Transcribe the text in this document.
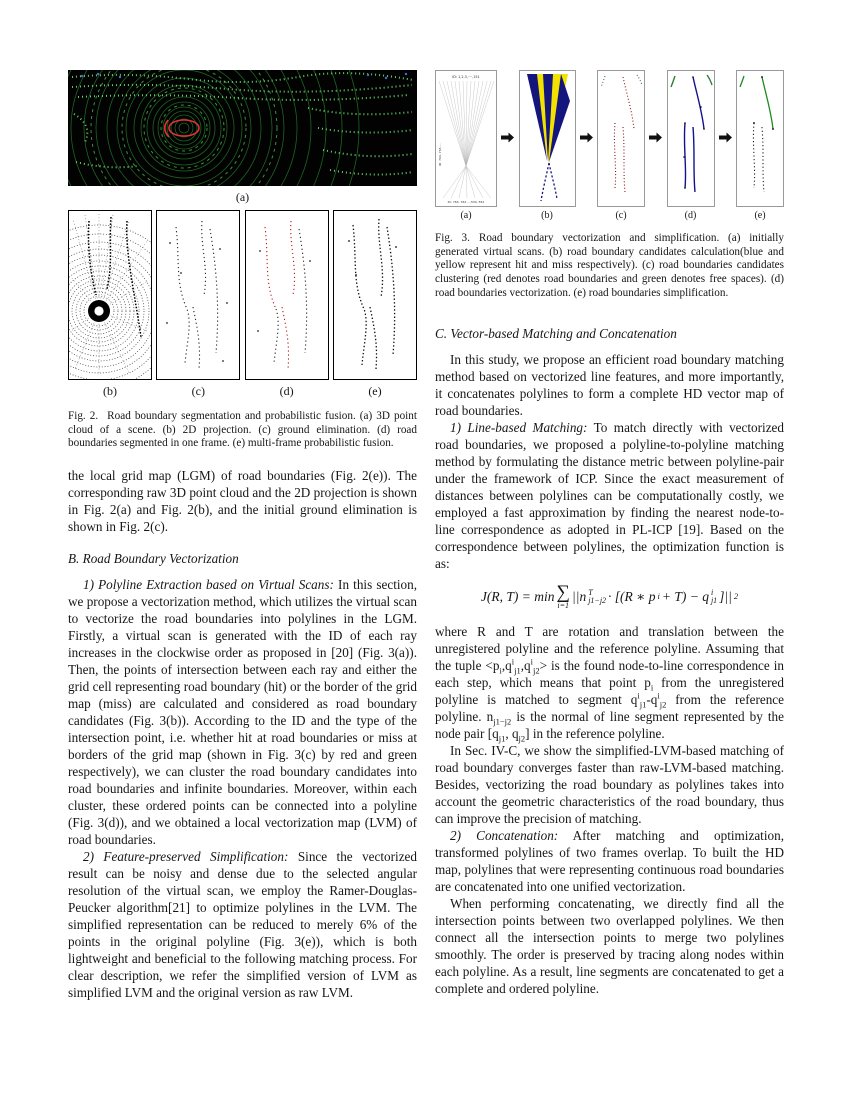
(a)
(b)	(c)	(d)	(e)
Fig. 2. Road boundary segmentation and probabilistic fusion. (a) 3D point cloud of a scene. (b) 2D projection. (c) ground elimination. (d) road boundaries segmented in one frame. (e) multi-frame probabilistic fusion.

the local grid map (LGM) of road boundaries (Fig. 2(e)). The corresponding raw 3D point cloud and the 2D projection is shown in Fig. 2(a) and Fig. 2(b), and the initial ground elimination is shown in Fig. 2(c).

B. Road Boundary Vectorization

1) Polyline Extraction based on Virtual Scans: In this section, we propose a vectorization method, which utilizes the virtual scan to vectorize the road boundaries into polylines in the LGM. Firstly, a virtual scan is generated with the ID of each ray increases in the clockwise order as proposed in [20] (Fig. 3(a)). Then, the points of intersection between each ray and either the grid cell representing road boundary (hit) or the border of the grid map (miss) are calculated and considered as road boundary candidates (Fig. 3(b)). According to the ID and the type of the intersection point, i.e. whether hit at road boundaries or miss at borders of the grid map (shown in Fig. 3(c) by red and green respectively), we can cluster the road boundary candidates into road boundaries and infinite boundaries. Moreover, within each cluster, these ordered points can be connected into a polyline (Fig. 3(d)), and we obtained a local vectorization map (LVM) of road boundaries.

2) Feature-preserved Simplification: Since the vectorized result can be noisy and dense due to the selected angular resolution of the virtual scan, we employ the Ramer-Douglas-Peucker algorithm[21] to optimize polylines in the LVM. The simplified representation can be reduced to merely 6% of the points in the original polyline (Fig. 3(e)), which is both lightweight and beneficial to the following matching process. For clear description, we refer the simplified version of LVM as simplified LVM and the original version as raw LVM.

ID: 1,2,3,····,151
ID: 764, 765,····
ID: 763, 762····,534, 552
(a)	(b)	(c)	(d)	(e)
Fig. 3. Road boundary vectorization and simplification. (a) initially generated virtual scans. (b) road boundary candidates calculation(blue and yellow represent hit and miss respectively). (c) road boundaries candidates clustering (red denotes road boundaries and green denotes free spaces). (d) road boundaries vectorization. (e) road boundaries simplification.
C. Vector-based Matching and Concatenation

In this study, we propose an efficient road boundary matching method based on vectorized line features, and more importantly, it concatenates polylines to form a complete HD vector map of road boundaries.

1) Line-based Matching: To match directly with vectorized road boundaries, we proposed a polyline-to-polyline matching method by formulating the distance metric between polyline-pair under the framework of ICP. Since the exact measurement of distances between polylines can be computationally costly, we employed a fast approximation by finding the nearest node-to-line correspondence as adopted in PL-ICP [19]. Based on the correspondence between polylines, the optimization function is as:

J(R, T) = min ∑
i=1
||n T
j1−j2 · [(R ∗ p i + T) − q i
j1 ]|| 2

where R and T are rotation and translation between the unregistered polyline and the reference polyline. Assuming that the tuple $<p_i,q^i_{j1},q^i_{j2}>$ is the found node-to-line correspondence in each step, which means that point $p_i$ from the unregistered polyline is matched to segment $q^i_{j1}-q^i_{j2}$ from the reference polyline. $n_{j1-j2}$ is the normal of line segment represented by the node pair [$q_{j1}$, $q_{j2}$] in the reference polyline.

In Sec. IV-C, we show the simplified-LVM-based matching of road boundary converges faster than raw-LVM-based matching. Besides, vectorizing the road boundary as polylines takes into account the geometric characteristics of the road boundary, thus can improve the precision of matching.

2) Concatenation: After matching and optimization, transformed polylines of two frames overlap. To built the HD map, polylines that were representing continuous road boundaries are concatenated into one unified vectorization.

When performing concatenating, we directly find all the intersection points between two overlapped polylines. We then connect all the intersection points to merge two polylines smoothly. The order is preserved by tracing along nodes within each polyline. As a result, line segments are concatenated to get a complete and ordered polyline.
